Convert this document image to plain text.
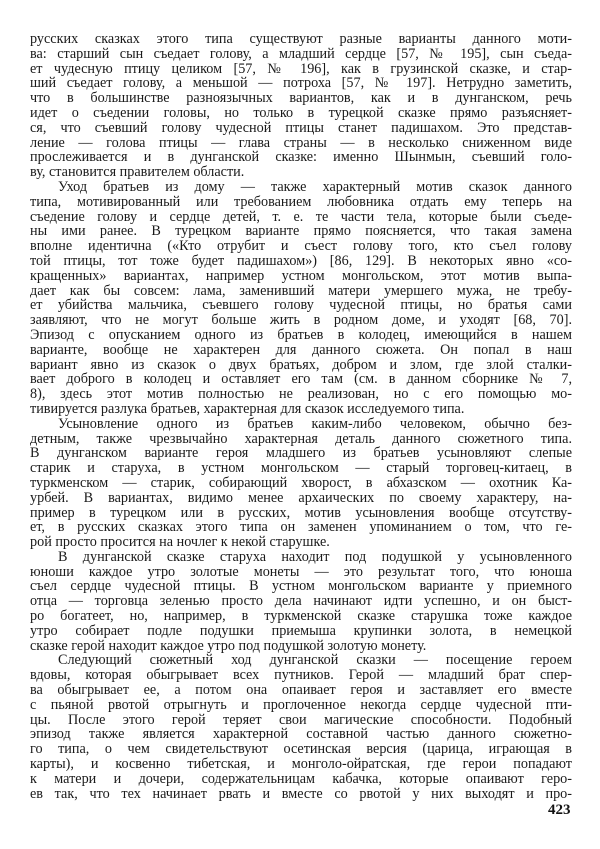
русских сказках этого типа существуют разные варианты данного моти-
ва: старший сын съедает голову, а младший сердце [57, № 195], сын съеда-
ет чудесную птицу целиком [57, № 196], как в грузинской сказке, и стар-
ший съедает голову, а меньшой — потроха [57, № 197]. Нетрудно заметить,
что в большинстве разноязычных вариантов, как и в дунганском, речь
идет о съедении головы, но только в турецкой сказке прямо разъясняет-
ся, что съевший голову чудесной птицы станет падишахом. Это представ-
ление — голова птицы — глава страны — в несколько сниженном виде
прослеживается и в дунганской сказке: именно Шынмын, съевший голо-
ву, становится правителем области.
Уход братьев из дому — также характерный мотив сказок данного
типа, мотивированный или требованием любовника отдать ему теперь на
съедение голову и сердце детей, т. е. те части тела, которые были съеде-
ны ими ранее. В турецком варианте прямо поясняется, что такая замена
вполне идентична («Кто отрубит и съест голову того, кто съел голову
той птицы, тот тоже будет падишахом») [86, 129]. В некоторых явно «со-
кращенных» вариантах, например устном монгольском, этот мотив выпа-
дает как бы совсем: лама, заменивший матери умершего мужа, не требу-
ет убийства мальчика, съевшего голову чудесной птицы, но братья сами
заявляют, что не могут больше жить в родном доме, и уходят [68, 70].
Эпизод с опусканием одного из братьев в колодец, имеющийся в нашем
варианте, вообще не характерен для данного сюжета. Он попал в наш
вариант явно из сказок о двух братьях, добром и злом, где злой сталки-
вает доброго в колодец и оставляет его там (см. в данном сборнике № 7,
8), здесь этот мотив полностью не реализован, но с его помощью мо-
тивируется разлука братьев, характерная для сказок исследуемого типа.
Усыновление одного из братьев каким-либо человеком, обычно без-
детным, также чрезвычайно характерная деталь данного сюжетного типа.
В дунганском варианте героя младшего из братьев усыновляют слепые
старик и старуха, в устном монгольском — старый торговец-китаец, в
туркменском — старик, собирающий хворост, в абхазском — охотник Ка-
урбей. В вариантах, видимо менее архаических по своему характеру, на-
пример в турецком или в русских, мотив усыновления вообще отсутству-
ет, в русских сказках этого типа он заменен упоминанием о том, что ге-
рой просто просится на ночлег к некой старушке.
В дунганской сказке старуха находит под подушкой у усыновленного
юноши каждое утро золотые монеты — это результат того, что юноша
съел сердце чудесной птицы. В устном монгольском варианте у приемного
отца — торговца зеленью просто дела начинают идти успешно, и он быст-
ро богатеет, но, например, в туркменской сказке старушка тоже каждое
утро собирает подле подушки приемыша крупинки золота, в немецкой
сказке герой находит каждое утро под подушкой золотую монету.
Следующий сюжетный ход дунганской сказки — посещение героем
вдовы, которая обыгрывает всех путников. Герой — младший брат спер-
ва обыгрывает ее, а потом она опаивает героя и заставляет его вместе
с пьяной рвотой отрыгнуть и проглоченное некогда сердце чудесной пти-
цы. После этого герой теряет свои магические способности. Подобный
эпизод также является характерной составной частью данного сюжетно-
го типа, о чем свидетельствуют осетинская версия (царица, играющая в
карты), и косвенно тибетская, и монголо-ойратская, где герои попадают
к матери и дочери, содержательницам кабачка, которые опаивают геро-
ев так, что тех начинает рвать и вместе со рвотой у них выходят и про-
423
